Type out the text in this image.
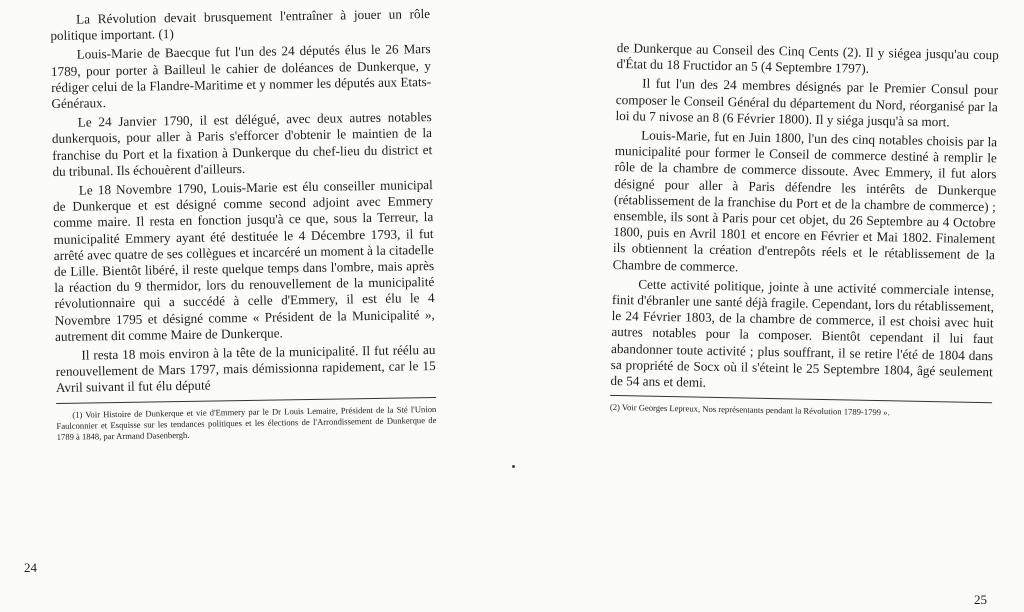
La Révolution devait brusquement l'entraîner à jouer un rôle politique important. (1)

Louis-Marie de Baecque fut l'un des 24 députés élus le 26 Mars 1789, pour porter à Bailleul le cahier de doléances de Dunkerque, y rédiger celui de la Flandre-Maritime et y nommer les députés aux Etats-Généraux.

Le 24 Janvier 1790, il est délégué, avec deux autres notables dunkerquois, pour aller à Paris s'efforcer d'obtenir le maintien de la franchise du Port et la fixation à Dunkerque du chef-lieu du district et du tribunal. Ils échouèrent d'ailleurs.

Le 18 Novembre 1790, Louis-Marie est élu conseiller municipal de Dunkerque et est désigné comme second adjoint avec Emmery comme maire. Il resta en fonction jusqu'à ce que, sous la Terreur, la municipalité Emmery ayant été destituée le 4 Décembre 1793, il fut arrêté avec quatre de ses collègues et incarcéré un moment à la citadelle de Lille. Bientôt libéré, il reste quelque temps dans l'ombre, mais après la réaction du 9 thermidor, lors du renouvellement de la municipalité révolutionnaire qui a succédé à celle d'Emmery, il est élu le 4 Novembre 1795 et désigné comme « Président de la Municipalité », autrement dit comme Maire de Dunkerque.

Il resta 18 mois environ à la tête de la municipalité. Il fut réélu au renouvellement de Mars 1797, mais démissionna rapidement, car le 15 Avril suivant il fut élu député

(1) Voir Histoire de Dunkerque et vie d'Emmery par le Dr Louis Lemaire, Président de la Sté l'Union Faulconnier et Esquisse sur les tendances politiques et les élections de l'Arrondissement de Dunkerque de 1789 à 1848, par Armand Dasenbergh.

24

de Dunkerque au Conseil des Cinq Cents (2). Il y siégea jusqu'au coup d'État du 18 Fructidor an 5 (4 Septembre 1797).

Il fut l'un des 24 membres désignés par le Premier Consul pour composer le Conseil Général du département du Nord, réorganisé par la loi du 7 nivose an 8 (6 Février 1800). Il y siéga jusqu'à sa mort.

Louis-Marie, fut en Juin 1800, l'un des cinq notables choisis par la municipalité pour former le Conseil de commerce destiné à remplir le rôle de la chambre de commerce dissoute. Avec Emmery, il fut alors désigné pour aller à Paris défendre les intérêts de Dunkerque (rétablissement de la franchise du Port et de la chambre de commerce) ; ensemble, ils sont à Paris pour cet objet, du 26 Septembre au 4 Octobre 1800, puis en Avril 1801 et encore en Février et Mai 1802. Finalement ils obtiennent la création d'entrepôts réels et le rétablissement de la Chambre de commerce.

Cette activité politique, jointe à une activité commerciale intense, finit d'ébranler une santé déjà fragile. Cependant, lors du rétablissement, le 24 Février 1803, de la chambre de commerce, il est choisi avec huit autres notables pour la composer. Bientôt cependant il lui faut abandonner toute activité ; plus souffrant, il se retire l'été de 1804 dans sa propriété de Socx où il s'éteint le 25 Septembre 1804, âgé seulement de 54 ans et demi.

(2) Voir Georges Lepreux, Nos représentants pendant la Révolution 1789-1799 ».

25
